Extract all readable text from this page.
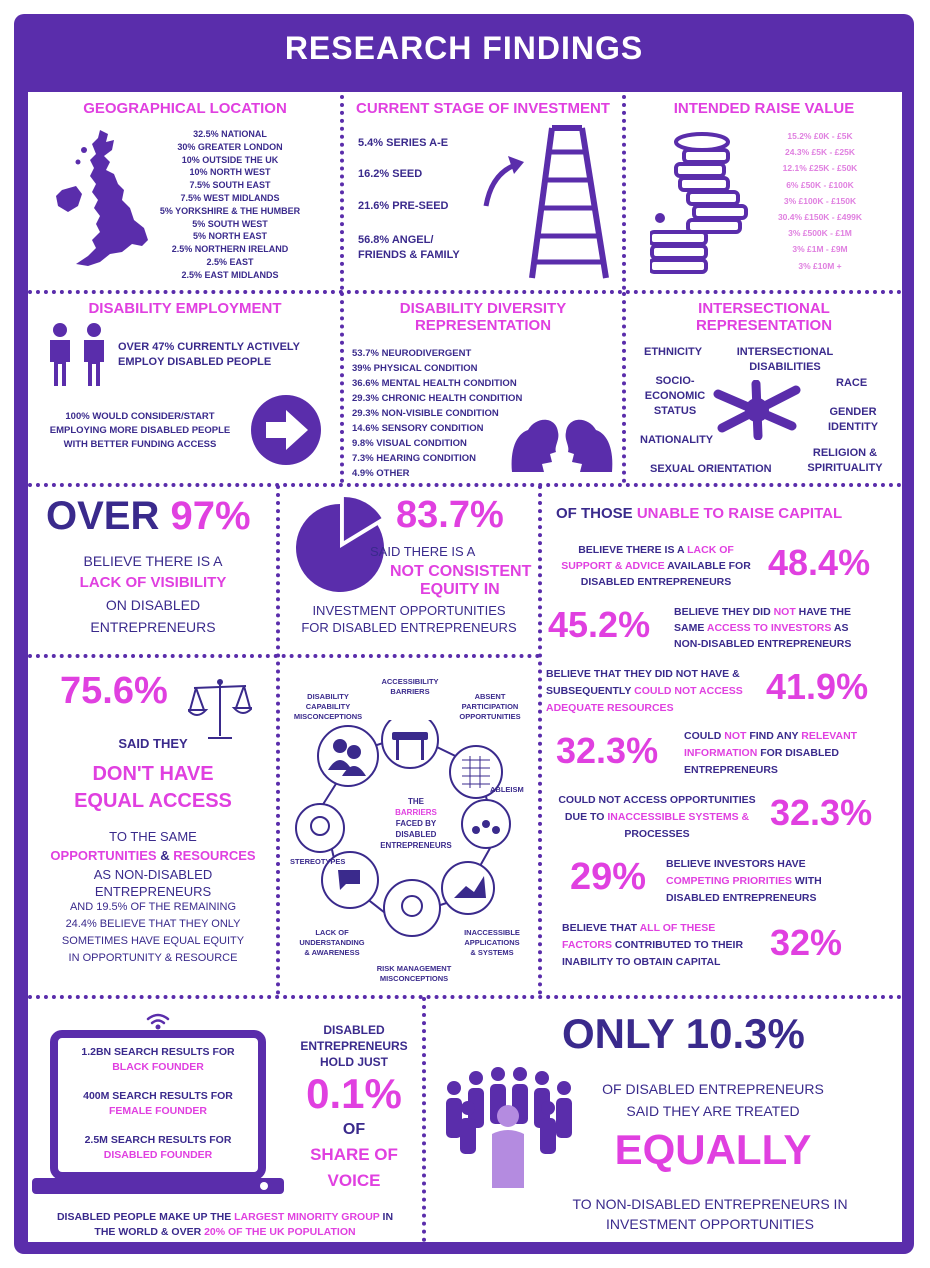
RESEARCH FINDINGS
GEOGRAPHICAL LOCATION
32.5% NATIONAL
30% GREATER LONDON
10% OUTSIDE THE UK
10% NORTH WEST
7.5% SOUTH EAST
7.5% WEST MIDLANDS
5% YORKSHIRE & THE HUMBER
5% SOUTH WEST
5% NORTH EAST
2.5% NORTHERN IRELAND
2.5% EAST
2.5% EAST MIDLANDS
CURRENT STAGE OF INVESTMENT
5.4% SERIES A-E
16.2% SEED
21.6% PRE-SEED
56.8% ANGEL/
FRIENDS & FAMILY
INTENDED RAISE VALUE
15.2% £0K - £5K
24.3% £5K - £25K
12.1% £25K - £50K
6% £50K - £100K
3% £100K - £150K
30.4% £150K - £499K
3% £500K - £1M
3% £1M - £9M
3% £10M +
DISABILITY EMPLOYMENT
OVER 47% CURRENTLY ACTIVELY
EMPLOY DISABLED PEOPLE
100% WOULD CONSIDER/START
EMPLOYING MORE DISABLED PEOPLE
WITH BETTER FUNDING ACCESS
DISABILITY DIVERSITY
REPRESENTATION
53.7% NEURODIVERGENT
39% PHYSICAL CONDITION
36.6% MENTAL HEALTH CONDITION
29.3% CHRONIC HEALTH CONDITION
29.3% NON-VISIBLE CONDITION
14.6% SENSORY CONDITION
9.8% VISUAL CONDITION
7.3% HEARING CONDITION
4.9% OTHER
INTERSECTIONAL
REPRESENTATION
ETHNICITY	INTERSECTIONAL
DISABILITIES
SOCIO-
ECONOMIC
STATUS
RACE
GENDER
IDENTITY
NATIONALITY
RELIGION &
SPIRITUALITY
SEXUAL ORIENTATION
OVER 97%
BELIEVE THERE IS A
LACK OF VISIBILITY
ON DISABLED
ENTREPRENEURS
83.7%
SAID THERE IS A
NOT CONSISTENT
EQUITY IN
INVESTMENT OPPORTUNITIES
FOR DISABLED ENTREPRENEURS
OF THOSE UNABLE TO RAISE CAPITAL
BELIEVE THERE IS A LACK OF
SUPPORT & ADVICE AVAILABLE FOR
DISABLED ENTREPRENEURS	48.4%
45.2% BELIEVE THEY DID NOT HAVE THE
SAME ACCESS TO INVESTORS AS
NON-DISABLED ENTREPRENEURS
BELIEVE THAT THEY DID NOT HAVE &
SUBSEQUENTLY COULD NOT ACCESS
ADEQUATE RESOURCES
41.9%
32.3% COULD NOT FIND ANY RELEVANT
INFORMATION FOR DISABLED
ENTREPRENEURS
COULD NOT ACCESS OPPORTUNITIES
DUE TO INACCESSIBLE SYSTEMS &
PROCESSES
32.3%
29% BELIEVE INVESTORS HAVE
COMPETING PRIORITIES WITH
DISABLED ENTREPRENEURS
BELIEVE THAT ALL OF THESE
FACTORS CONTRIBUTED TO THEIR
INABILITY TO OBTAIN CAPITAL	32%
75.6%
SAID THEY
DON'T HAVE
EQUAL ACCESS
TO THE SAME
OPPORTUNITIES & RESOURCES
AS NON-DISABLED
ENTREPRENEURS
AND 19.5% OF THE REMAINING
24.4% BELIEVE THAT THEY ONLY
SOMETIMES HAVE EQUAL EQUITY
IN OPPORTUNITY & RESOURCE
THE
BARRIERS
FACED BY
DISABLED
ENTREPRENEURS
ACCESSIBILITY
BARRIERS
DISABILITY
CAPABILITY
MISCONCEPTIONS
ABSENT
PARTICIPATION
OPPORTUNITIES
ABLEISM
STEREOTYPES
INACCESSIBLE
APPLICATIONS
& SYSTEMS
LACK OF
UNDERSTANDING
& AWARENESS
RISK MANAGEMENT
MISCONCEPTIONS
1.2BN SEARCH RESULTS FOR
BLACK FOUNDER
400M SEARCH RESULTS FOR
FEMALE FOUNDER
2.5M SEARCH RESULTS FOR
DISABLED FOUNDER
DISABLED PEOPLE MAKE UP THE LARGEST MINORITY GROUP IN
THE WORLD & OVER 20% OF THE UK POPULATION
DISABLED
ENTREPRENEURS
HOLD JUST
0.1%
OF
SHARE OF
VOICE
ONLY 10.3%
OF DISABLED ENTREPRENEURS
SAID THEY ARE TREATED
EQUALLY
TO NON-DISABLED ENTREPRENEURS IN
INVESTMENT OPPORTUNITIES
